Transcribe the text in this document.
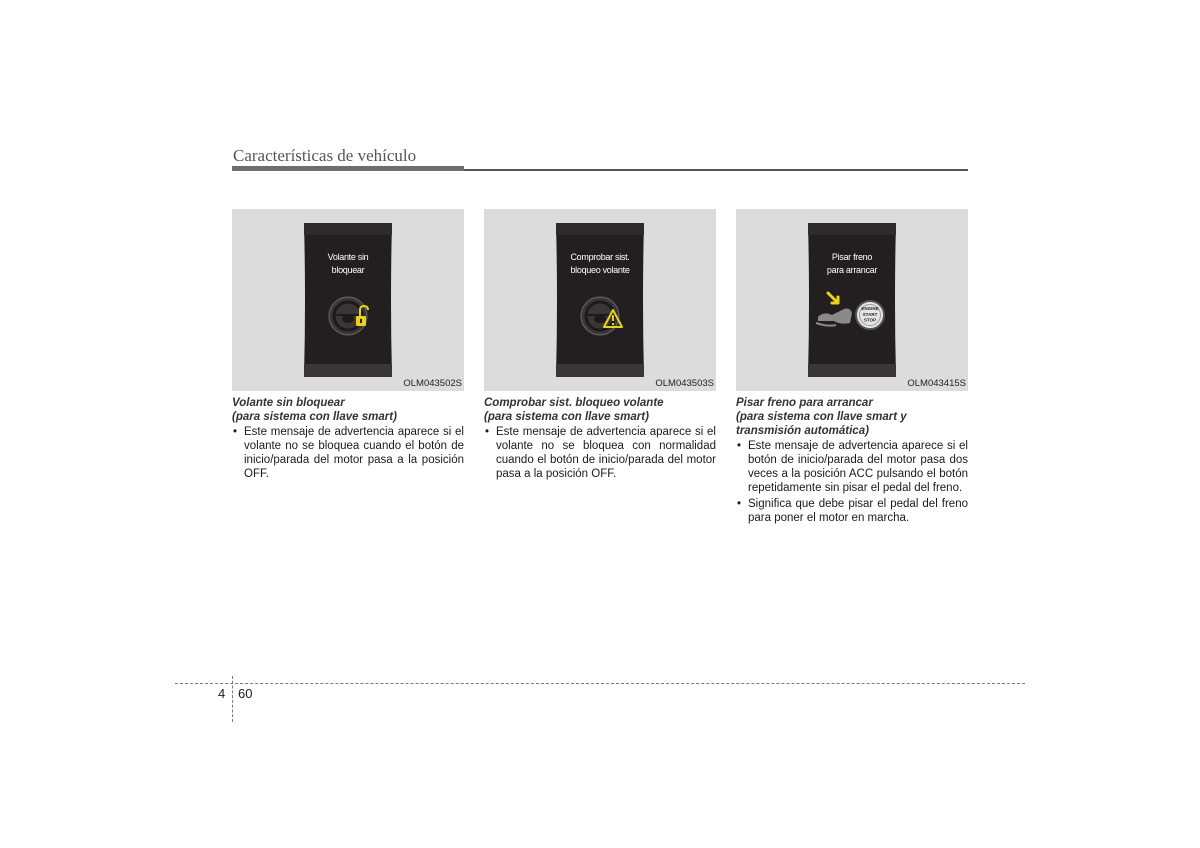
Características de vehículo
Volante sin
bloquear
OLM043502S
Comprobar sist.
bloqueo volante
OLM043503S
ENGINE
START
STOP
Pisar freno
para arrancar
OLM043415S
Volante sin bloquear
(para sistema con llave smart)
• Este mensaje de advertencia aparece si el volante no se bloquea cuando el botón de inicio/parada del motor pasa a la posición OFF.
Comprobar sist. bloqueo volante
(para sistema con llave smart)
• Este mensaje de advertencia aparece si el volante no se bloquea con normalidad cuando el botón de inicio/parada del motor pasa a la posición OFF.
Pisar freno para arrancar
(para sistema con llave smart y
transmisión automática)
• Este mensaje de advertencia aparece si el botón de inicio/parada del motor pasa dos veces a la posición ACC pulsando el botón repetidamente sin pisar el pedal del freno.
• Significa que debe pisar el pedal del freno para poner el motor en marcha.
4 60
